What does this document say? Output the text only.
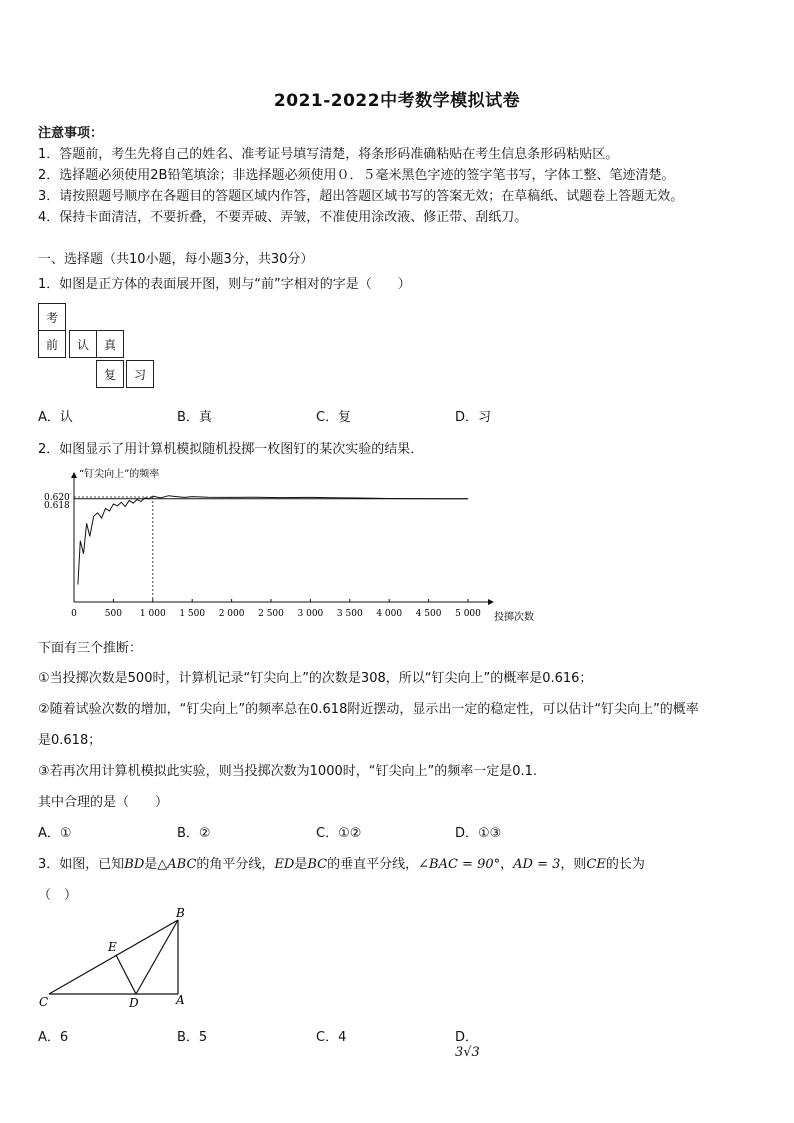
2021-2022中考数学模拟试卷
注意事项：
1．答题前，考生先将自己的姓名、准考证号填写清楚，将条形码准确粘贴在考生信息条形码粘贴区。
2．选择题必须使用2B铅笔填涂；非选择题必须使用０．５毫米黑色字迹的签字笔书写，字体工整、笔迹清楚。
3．请按照题号顺序在各题目的答题区域内作答，超出答题区域书写的答案无效；在草稿纸、试题卷上答题无效。
4．保持卡面清洁，不要折叠，不要弄破、弄皱，不准使用涂改液、修正带、刮纸刀。
一、选择题（共10小题，每小题3分，共30分）
1．如图是正方体的表面展开图，则与“前”字相对的字是（　　）
考
前	认	真
复	习
A．认	B．真	C．复	D．习
2．如图显示了用计算机模拟随机投掷一枚图钉的某次实验的结果．
“钉尖向上”的频率
0.620
0.618
0	500 1 000 1 500 2 000 2 500 3 000 3 500 4 000 4 500 5 000 投掷次数
下面有三个推断：
①当投掷次数是500时，计算机记录“钉尖向上”的次数是308，所以“钉尖向上”的概率是0.616；
②随着试验次数的增加，“钉尖向上”的频率总在0.618附近摆动，显示出一定的稳定性，可以估计“钉尖向上”的概率
是0.618；
③若再次用计算机模拟此实验，则当投掷次数为1000时，“钉尖向上”的频率一定是0.1.
其中合理的是（　　）
A．①	B．②	C．①②	D．①③
3．如图，已知BD是△ABC的角平分线，ED是BC的垂直平分线，∠BAC = 90°，AD = 3，则CE的长为
（　）
B
E
C	D	A
A．6	B．5	C．4	D．3√3
